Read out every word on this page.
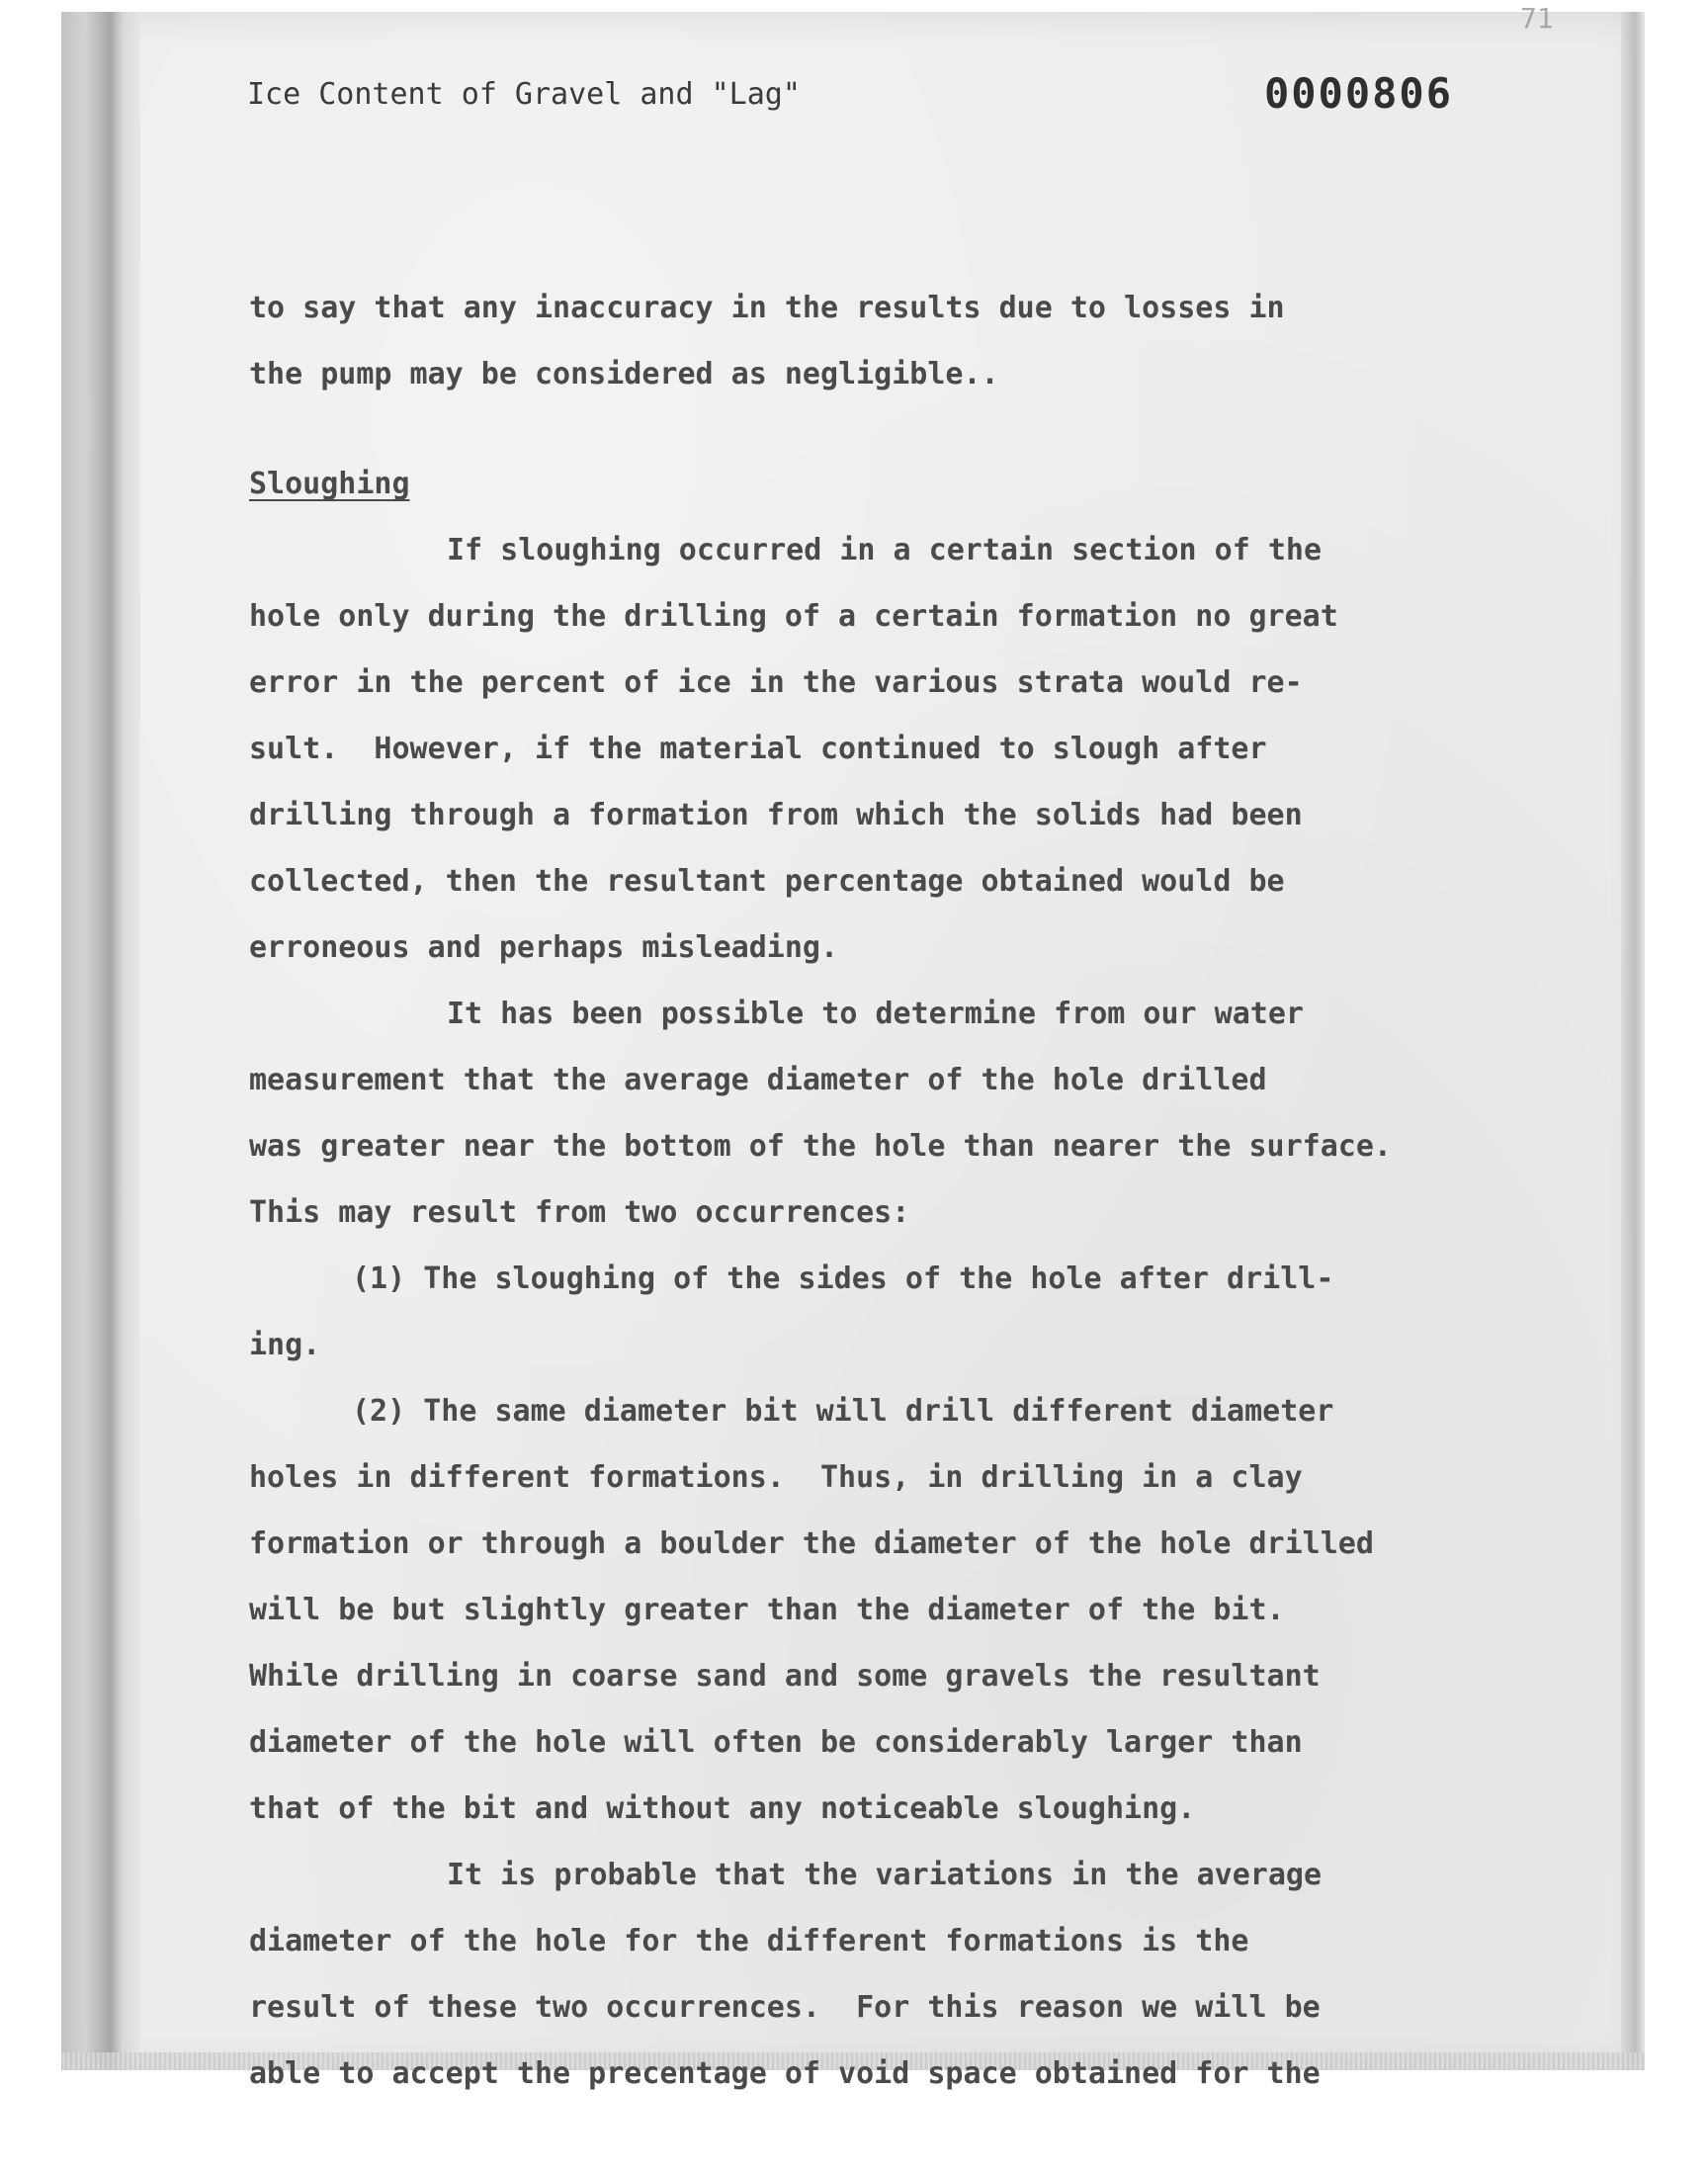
71
Ice Content of Gravel and "Lag"	0000806
to say that any inaccuracy in the results due to losses in
the pump may be considered as negligible..
Sloughing
If sloughing occurred in a certain section of the
hole only during the drilling of a certain formation no great
error in the percent of ice in the various strata would re-
sult.  However, if the material continued to slough after
drilling through a formation from which the solids had been
collected, then the resultant percentage obtained would be
erroneous and perhaps misleading.
It has been possible to determine from our water
measurement that the average diameter of the hole drilled
was greater near the bottom of the hole than nearer the surface.
This may result from two occurrences:
(1) The sloughing of the sides of the hole after drill-
ing.
(2) The same diameter bit will drill different diameter
holes in different formations.  Thus, in drilling in a clay
formation or through a boulder the diameter of the hole drilled
will be but slightly greater than the diameter of the bit.
While drilling in coarse sand and some gravels the resultant
diameter of the hole will often be considerably larger than
that of the bit and without any noticeable sloughing.
It is probable that the variations in the average
diameter of the hole for the different formations is the
result of these two occurrences.  For this reason we will be
able to accept the precentage of void space obtained for the
